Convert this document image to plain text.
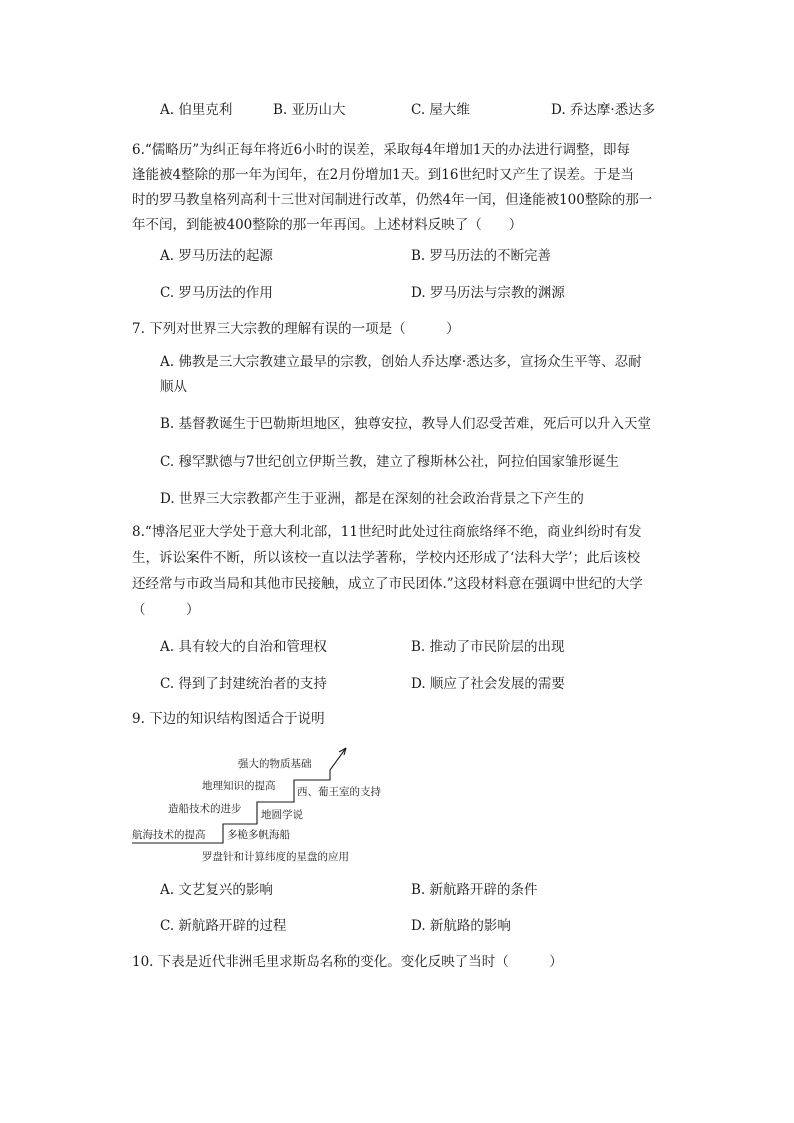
A. 伯里克利	B. 亚历山大	C. 屋大维	D. 乔达摩·悉达多
6.“儒略历”为纠正每年将近6小时的误差，采取每4年增加1天的办法进行调整，即每
逢能被4整除的那一年为闰年，在2月份增加1天。到16世纪时又产生了误差。于是当
时的罗马教皇格列高利十三世对闰制进行改革，仍然4年一闰，但逢能被100整除的那一
年不闰，到能被400整除的那一年再闰。上述材料反映了（　　）
A. 罗马历法的起源	B. 罗马历法的不断完善
C. 罗马历法的作用	D. 罗马历法与宗教的渊源
7. 下列对世界三大宗教的理解有误的一项是（　　　）
A. 佛教是三大宗教建立最早的宗教，创始人乔达摩·悉达多，宣扬众生平等、忍耐
顺从
B. 基督教诞生于巴勒斯坦地区，独尊安拉，教导人们忍受苦难，死后可以升入天堂
C. 穆罕默德与7世纪创立伊斯兰教，建立了穆斯林公社，阿拉伯国家雏形诞生
D. 世界三大宗教都产生于亚洲，都是在深刻的社会政治背景之下产生的
8.“博洛尼亚大学处于意大利北部，11世纪时此处过往商旅络绎不绝，商业纠纷时有发
生，诉讼案件不断，所以该校一直以法学著称，学校内还形成了‘法科大学’；此后该校
还经常与市政当局和其他市民接触，成立了市民团体.”这段材料意在强调中世纪的大学
（　　　）
A. 具有较大的自治和管理权	B. 推动了市民阶层的出现
C. 得到了封建统治者的支持	D. 顺应了社会发展的需要
9. 下边的知识结构图适合于说明
强大的物质基础
地理知识的提高
造船技术的进步
航海技术的提高
西、葡王室的支持
地圆学说
多桅多帆海船
罗盘针和计算纬度的星盘的应用
A. 文艺复兴的影响	B. 新航路开辟的条件
C. 新航路开辟的过程	D. 新航路的影响
10. 下表是近代非洲毛里求斯岛名称的变化。变化反映了当时（　　　）
